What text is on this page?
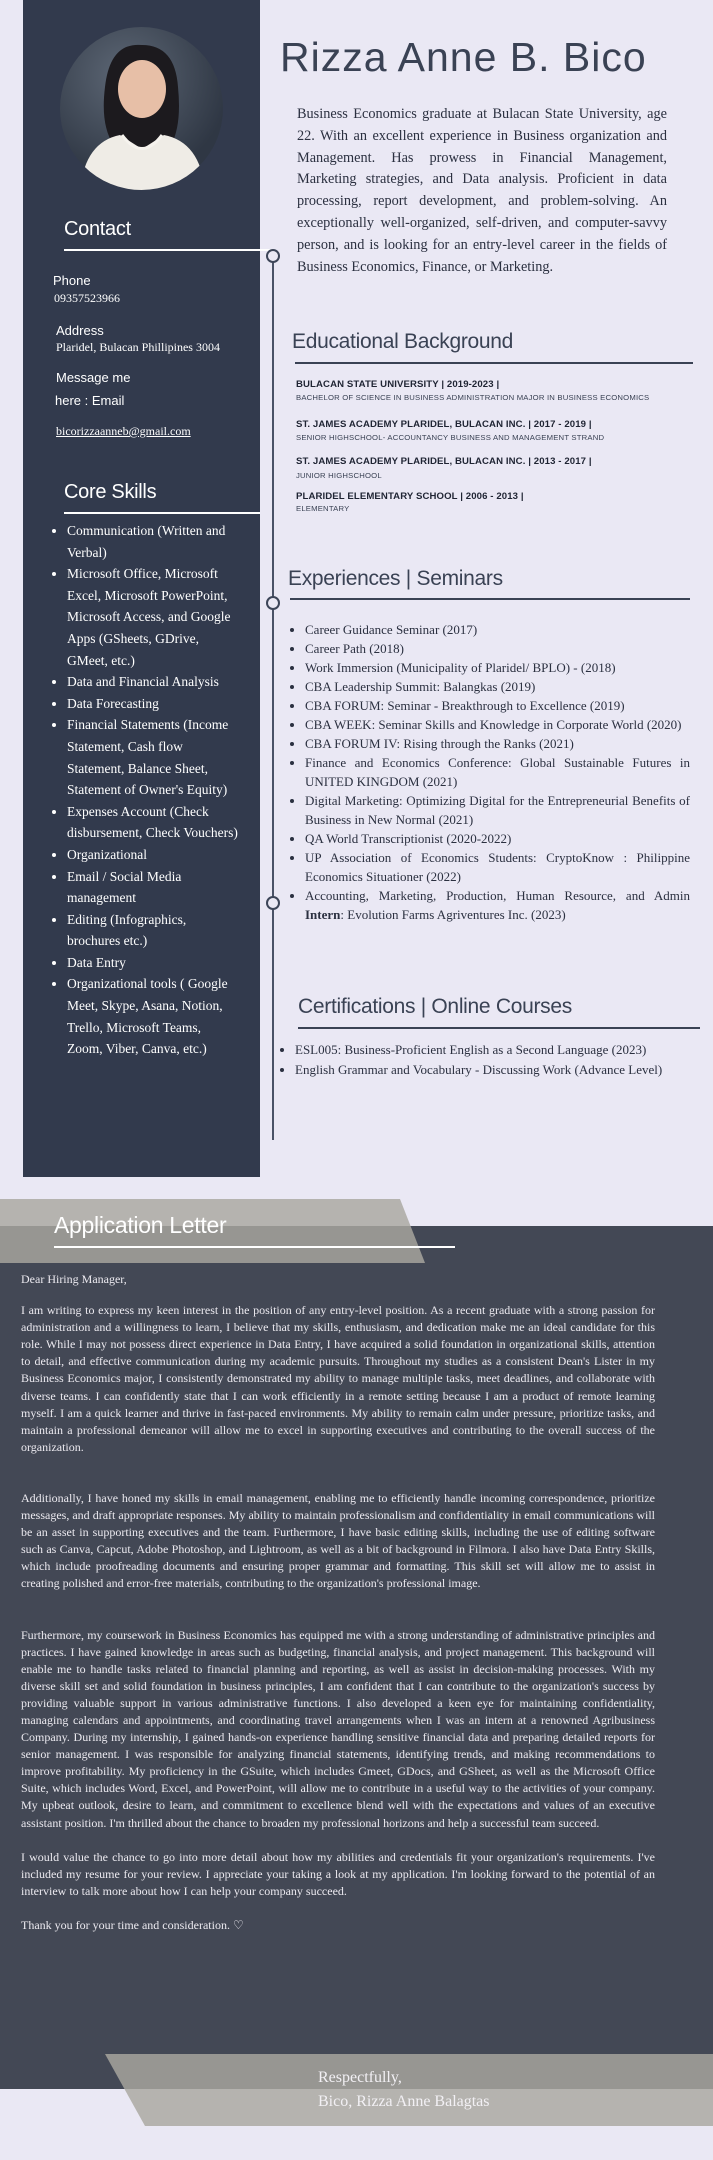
Contact
Phone
09357523966
Address
Plaridel, Bulacan Phillipines 3004
Message me
here : Email
bicorizzaanneb@gmail.com
Core Skills
• Communication (Written and Verbal)
• Microsoft Office, Microsoft Excel, Microsoft PowerPoint, Microsoft Access, and Google Apps (GSheets, GDrive, GMeet, etc.)
• Data and Financial Analysis
• Data Forecasting
• Financial Statements (Income Statement, Cash flow Statement, Balance Sheet, Statement of Owner's Equity)
• Expenses Account (Check disbursement, Check Vouchers)
• Organizational
• Email / Social Media management
• Editing (Infographics, brochures etc.)
• Data Entry
• Organizational tools ( Google Meet, Skype, Asana, Notion, Trello, Microsoft Teams, Zoom, Viber, Canva, etc.)
Rizza Anne B. Bico
Business Economics graduate at Bulacan State University, age 22. With an excellent experience in Business organization and Management. Has prowess in Financial Management, Marketing strategies, and Data analysis. Proficient in data processing, report development, and problem-solving. An exceptionally well-organized, self-driven, and computer-savvy person, and is looking for an entry-level career in the fields of Business Economics, Finance, or Marketing.
Educational Background
BULACAN STATE UNIVERSITY | 2019-2023 |
BACHELOR OF SCIENCE IN BUSINESS ADMINISTRATION MAJOR IN BUSINESS ECONOMICS
ST. JAMES ACADEMY PLARIDEL, BULACAN INC. | 2017 - 2019 |
SENIOR HIGHSCHOOL- ACCOUNTANCY BUSINESS AND MANAGEMENT STRAND
ST. JAMES ACADEMY PLARIDEL, BULACAN INC. | 2013 - 2017 |
JUNIOR HIGHSCHOOL
PLARIDEL ELEMENTARY SCHOOL | 2006 - 2013 |
ELEMENTARY
Experiences | Seminars
• Career Guidance Seminar (2017)
• Career Path (2018)
• Work Immersion (Municipality of Plaridel/ BPLO) - (2018)
• CBA Leadership Summit: Balangkas (2019)
• CBA FORUM: Seminar - Breakthrough to Excellence (2019)
• CBA WEEK: Seminar Skills and Knowledge in Corporate World (2020)
• CBA FORUM IV: Rising through the Ranks (2021)
• Finance and Economics Conference: Global Sustainable Futures in UNITED KINGDOM (2021)
• Digital Marketing: Optimizing Digital for the Entrepreneurial Benefits of Business in New Normal (2021)
• QA World Transcriptionist (2020-2022)
• UP Association of Economics Students: CryptoKnow : Philippine Economics Situationer (2022)
• Accounting, Marketing, Production, Human Resource, and Admin Intern: Evolution Farms Agriventures Inc. (2023)
Certifications | Online Courses
• ESL005: Business-Proficient English as a Second Language (2023)
• English Grammar and Vocabulary - Discussing Work (Advance Level)
Application Letter

Dear Hiring Manager,

I am writing to express my keen interest in the position of any entry-level position. As a recent graduate with a strong passion for administration and a willingness to learn, I believe that my skills, enthusiasm, and dedication make me an ideal candidate for this role. While I may not possess direct experience in Data Entry, I have acquired a solid foundation in organizational skills, attention to detail, and effective communication during my academic pursuits. Throughout my studies as a consistent Dean's Lister in my Business Economics major, I consistently demonstrated my ability to manage multiple tasks, meet deadlines, and collaborate with diverse teams. I can confidently state that I can work efficiently in a remote setting because I am a product of remote learning myself. I am a quick learner and thrive in fast-paced environments. My ability to remain calm under pressure, prioritize tasks, and maintain a professional demeanor will allow me to excel in supporting executives and contributing to the overall success of the organization.

Additionally, I have honed my skills in email management, enabling me to efficiently handle incoming correspondence, prioritize messages, and draft appropriate responses. My ability to maintain professionalism and confidentiality in email communications will be an asset in supporting executives and the team. Furthermore, I have basic editing skills, including the use of editing software such as Canva, Capcut, Adobe Photoshop, and Lightroom, as well as a bit of background in Filmora. I also have Data Entry Skills, which include proofreading documents and ensuring proper grammar and formatting. This skill set will allow me to assist in creating polished and error-free materials, contributing to the organization's professional image.

Furthermore, my coursework in Business Economics has equipped me with a strong understanding of administrative principles and practices. I have gained knowledge in areas such as budgeting, financial analysis, and project management. This background will enable me to handle tasks related to financial planning and reporting, as well as assist in decision-making processes. With my diverse skill set and solid foundation in business principles, I am confident that I can contribute to the organization's success by providing valuable support in various administrative functions. I also developed a keen eye for maintaining confidentiality, managing calendars and appointments, and coordinating travel arrangements when I was an intern at a renowned Agribusiness Company. During my internship, I gained hands-on experience handling sensitive financial data and preparing detailed reports for senior management. I was responsible for analyzing financial statements, identifying trends, and making recommendations to improve profitability. My proficiency in the GSuite, which includes Gmeet, GDocs, and GSheet, as well as the Microsoft Office Suite, which includes Word, Excel, and PowerPoint, will allow me to contribute in a useful way to the activities of your company. My upbeat outlook, desire to learn, and commitment to excellence blend well with the expectations and values of an executive assistant position. I'm thrilled about the chance to broaden my professional horizons and help a successful team succeed.

I would value the chance to go into more detail about how my abilities and credentials fit your organization's requirements. I've included my resume for your review. I appreciate your taking a look at my application. I'm looking forward to the potential of an interview to talk more about how I can help your company succeed.

Thank you for your time and consideration. ♡

Respectfully,
Bico, Rizza Anne Balagtas
